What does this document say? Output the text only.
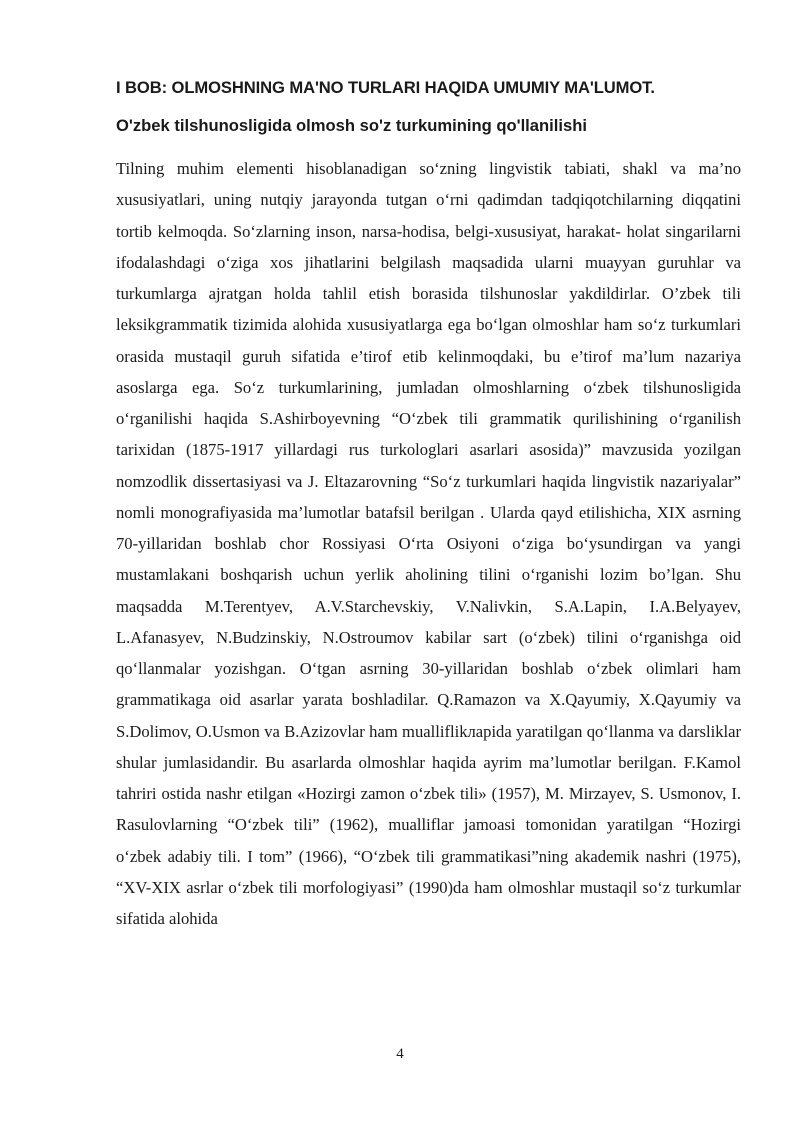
I BOB: OLMOSHNING MA'NO TURLARI HAQIDA UMUMIY MA'LUMOT.
O'zbek tilshunosligida olmosh so'z turkumining qo'llanilishi

Tilning muhim elementi hisoblanadigan so‘zning lingvistik tabiati, shakl va ma’no xususiyatlari, uning nutqiy jarayonda tutgan o‘rni qadimdan tadqiqotchilarning diqqatini tortib kelmoqda. So‘zlarning inson, narsa-hodisa, belgi-xususiyat, harakat- holat singarilarni ifodalashdagi o‘ziga xos jihatlarini belgilash maqsadida ularni muayyan guruhlar va turkumlarga ajratgan holda tahlil etish borasida tilshunoslar yakdildirlar. O’zbek tili leksikgrammatik tizimida alohida xususiyatlarga ega bo‘lgan olmoshlar ham so‘z turkumlari orasida mustaqil guruh sifatida e’tirof etib kelinmoqdaki, bu e’tirof ma’lum nazariya asoslarga ega. So‘z turkumlarining, jumladan olmoshlarning o‘zbek tilshunosligida o‘rganilishi haqida S.Ashirboyevning “O‘zbek tili grammatik qurilishining o‘rganilish tarixidan (1875-1917 yillardagi rus turkologlari asarlari asosida)” mavzusida yozilgan nomzodlik dissertasiyasi va J. Eltazarovning “So‘z turkumlari haqida lingvistik nazariyalar” nomli monografiyasida ma’lumotlar batafsil berilgan . Ularda qayd etilishicha, XIX asrning 70-yillaridan boshlab chor Rossiyasi O‘rta Osiyoni o‘ziga bo‘ysundirgan va yangi mustamlakani boshqarish uchun yerlik aholining tilini o‘rganishi lozim bo’lgan. Shu maqsadda M.Terentyev, A.V.Starchevskiy, V.Nalivkin, S.A.Lapin, I.A.Belyayev, L.Afanasyev, N.Budzinskiy, N.Ostroumov kabilar sart (o‘zbek) tilini o‘rganishga oid qo‘llanmalar yozishgan. O‘tgan asrning 30-yillaridan boshlab o‘zbek olimlari ham grammatikaga oid asarlar yarata boshladilar. Q.Ramazon va X.Qayumiy, X.Qayumiy va S.Dolimov, O.Usmon va B.Azizovlar ham mualliflikларida yaratilgan qo‘llanma va darsliklar shular jumlasidandir. Bu asarlarda olmoshlar haqida ayrim ma’lumotlar berilgan. F.Kamol tahriri ostida nashr etilgan «Hozirgi zamon o‘zbek tili» (1957), M. Mirzayev, S. Usmonov, I. Rasulovlarning “O‘zbek tili” (1962), mualliflar jamoasi tomonidan yaratilgan “Hozirgi o‘zbek adabiy tili. I tom” (1966), “O‘zbek tili grammatikasi”ning akademik nashri (1975), “XV-XIX asrlar o‘zbek tili morfologiyasi” (1990)da ham olmoshlar mustaqil so‘z turkumlar sifatida alohida

4
